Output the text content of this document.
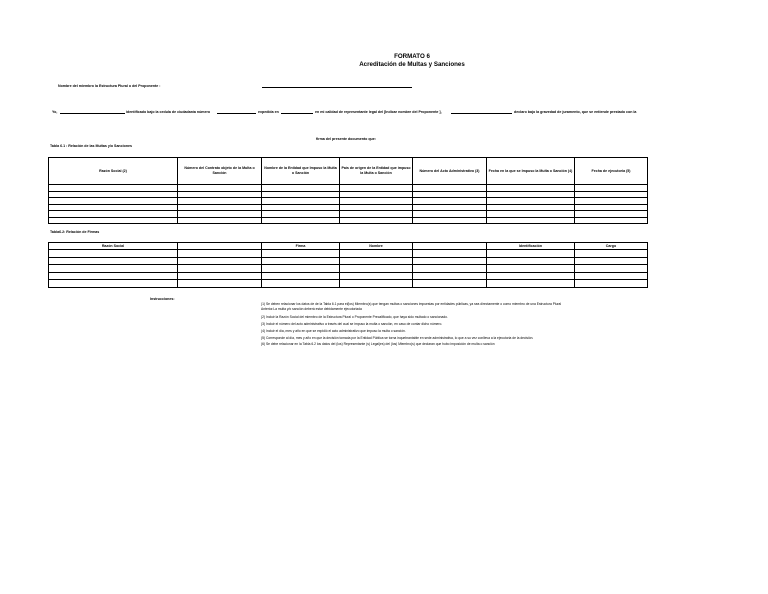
FORMATO 6
Acreditación de Multas y Sanciones
Nombre del miembro la Estructura Plural o del Proponente :
Yo,	identificado bajo la cedula de ciudadanía número	expedida en	en mi calidad de representante legal del [Indicar nombre del Proponente ],	declaro bajo la gravedad de juramento, que se entiende prestado con la
firma del presente documento que:
Tabla 6.1 : Relación de las Multas y/o Sanciones
Razón Social (2)	Número del Contrato objeto de la Multa o Sanción	Nombre de la Entidad que Impuso la Multa o Sanción	País de origen de la Entidad que impuso la Multa o Sanción	Número del Acto Administrativo (3)	Fecha en la que se Impuso la Multa o Sanción (4)	Fecha de ejecutoria (5)

Tabla6.2: Relación de Firmas
Razón Social		Firma	Nombre		Identificación	Cargo

Instrucciones:
(1) Se deben relacionar los datos de de la Tabla 6.1 para el(los) Miembro(s) que tengan multas o sanciones impuestas por entidades públicas, ya sea directamente o como miembro de una Estructura Plural
Anterior.La multa y/o sanción deberá estar debidamente ejecutoriada
(2) Incluir la Razón Social del miembro de la Estructura Plural o Proponente Precalificado, que haya sido multado o sancionado.
(3) Incluir el número del acto administrativo a través del cual se impuso la multa o sanción, en caso de contar dicho número.
(4) Incluir el día, mes y año en que se expidió el acto administrativo que impuso la multa o sanción.
(5) Corresponde al día, mes y año en que la decisión tomada por la Entidad Pública se torna inquebrantable en sede administrativa, lo que a su vez conlleva a la ejecutoria de la decisión.
(6) Se debe relacionar en la Tabla 6.2 los datos del (los) Representante (s) Legal(es) del (los) Miembro(s) que declaran que hubo imposición de multa o sanción
